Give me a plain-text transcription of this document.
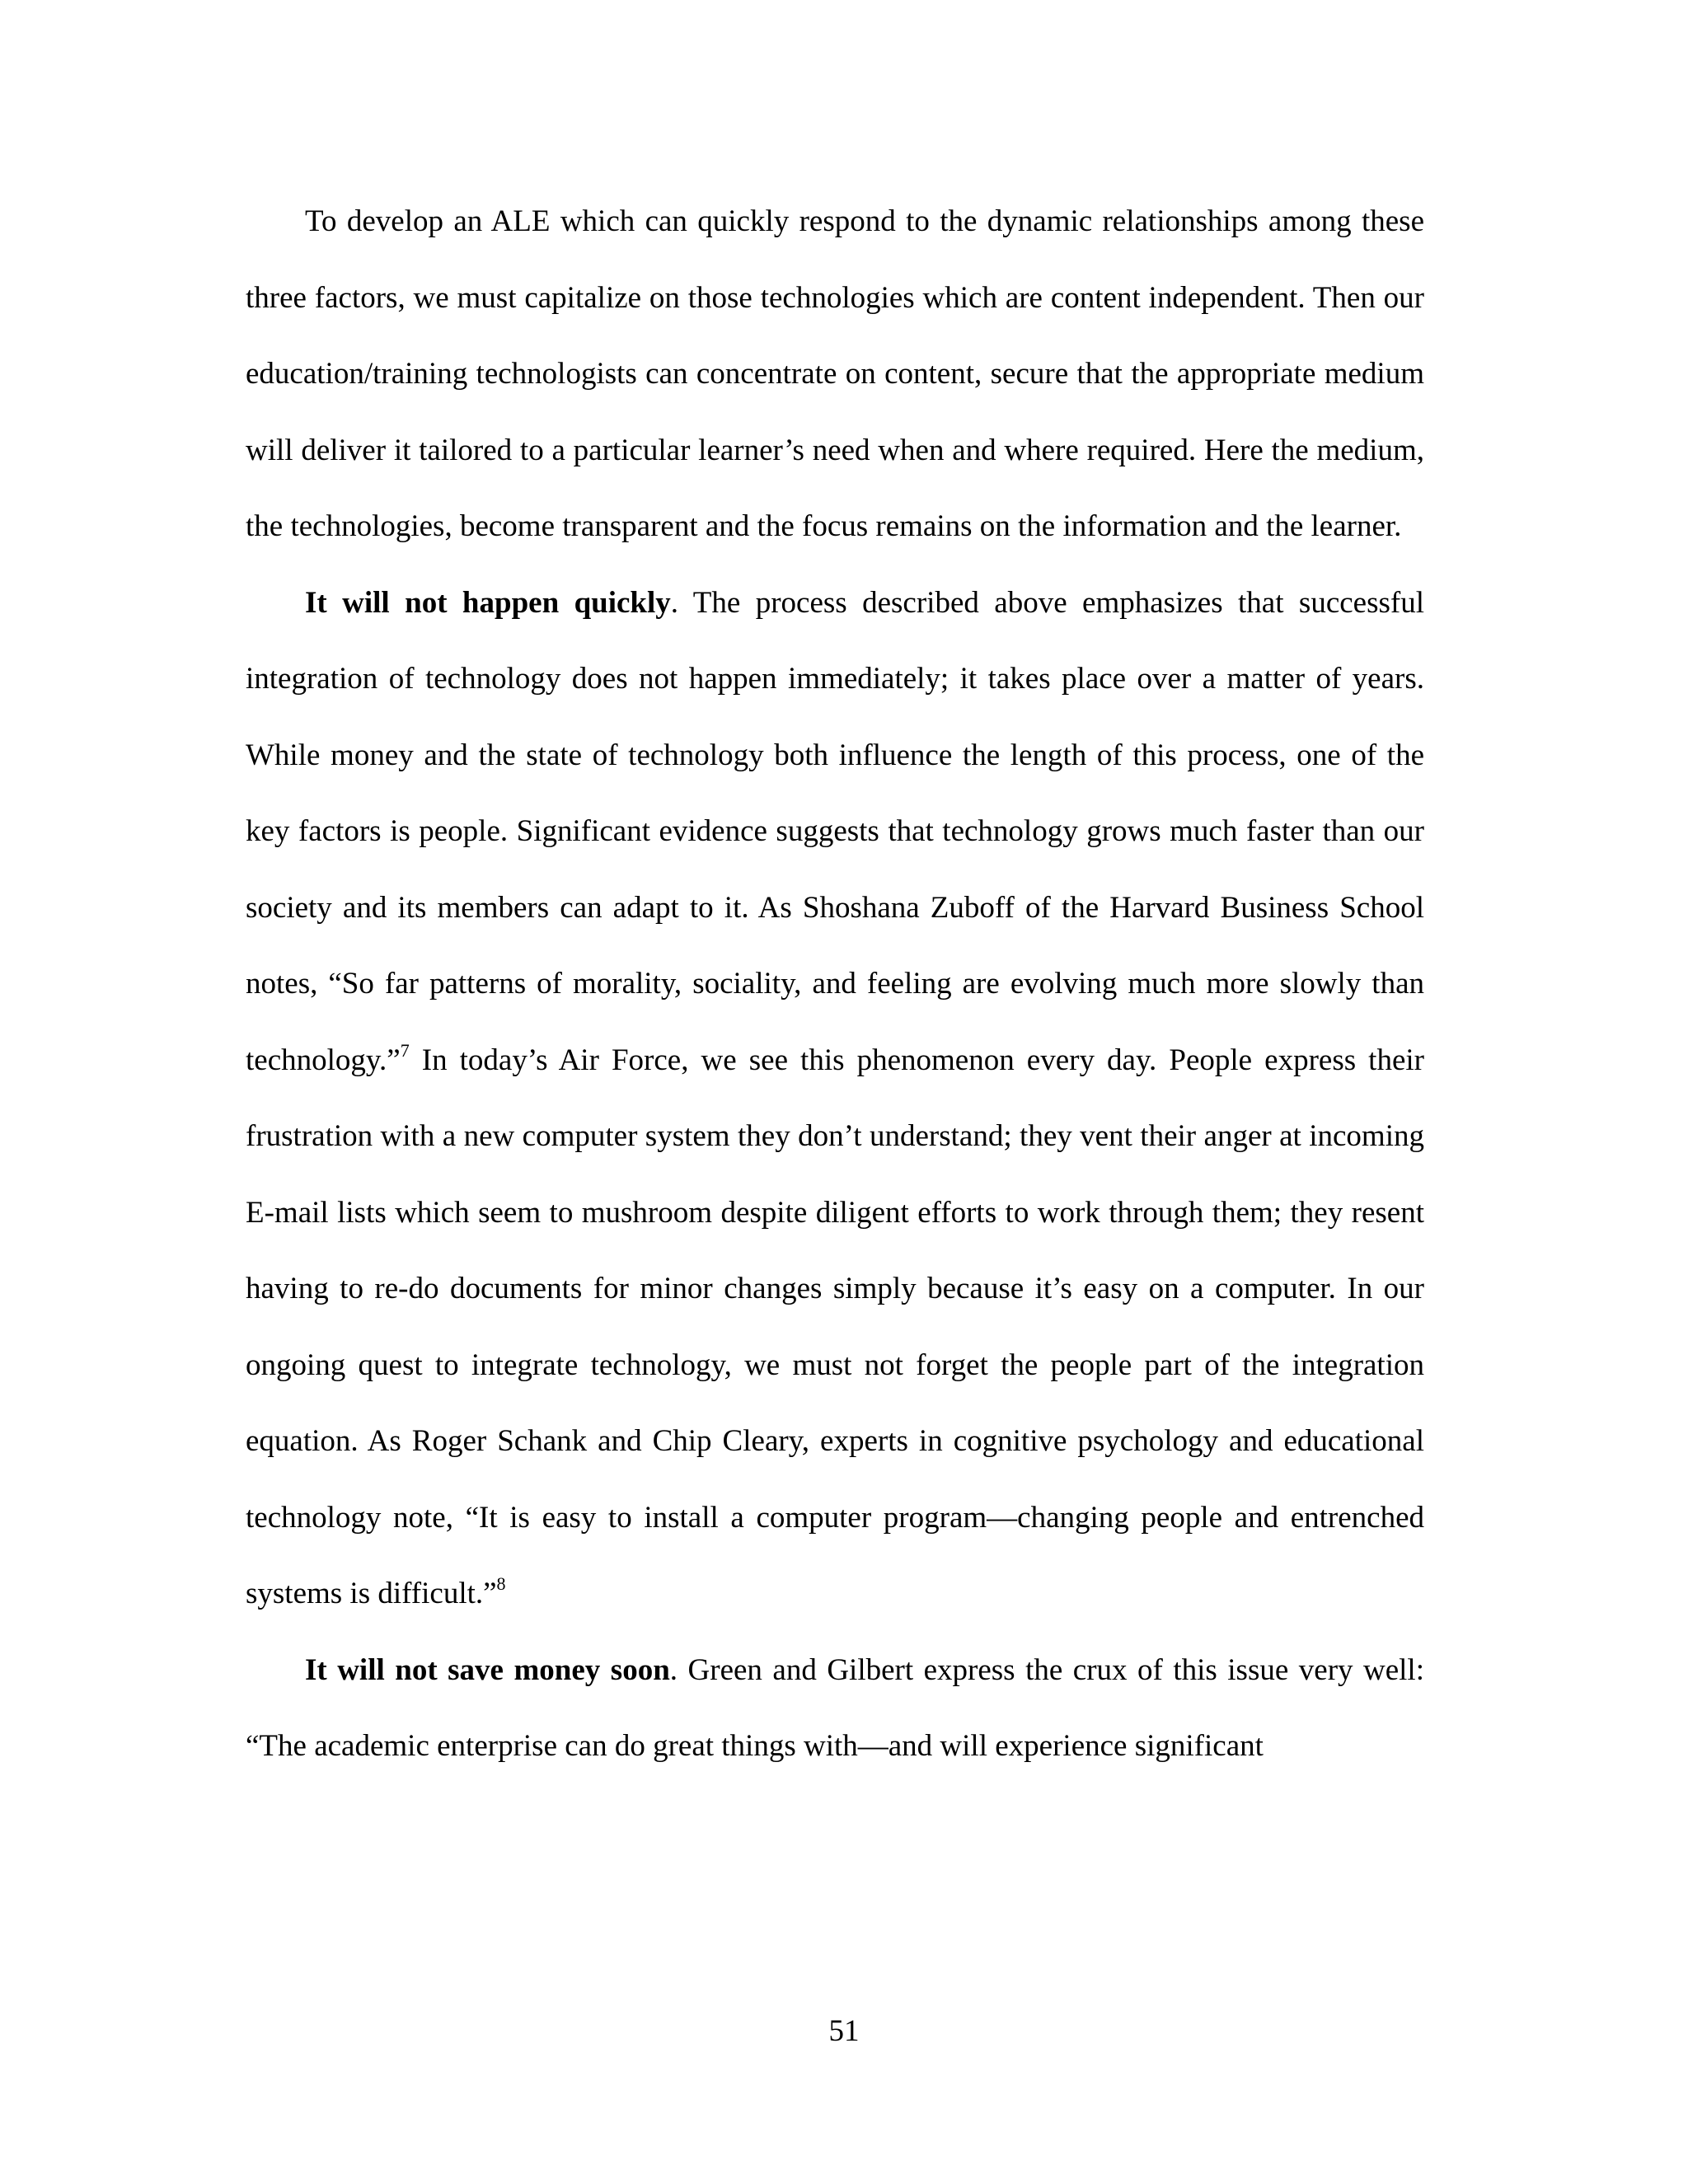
To develop an ALE which can quickly respond to the dynamic relationships among these three factors, we must capitalize on those technologies which are content independent. Then our education/training technologists can concentrate on content, secure that the appropriate medium will deliver it tailored to a particular learner’s need when and where required. Here the medium, the technologies, become transparent and the focus remains on the information and the learner.

It will not happen quickly. The process described above emphasizes that successful integration of technology does not happen immediately; it takes place over a matter of years. While money and the state of technology both influence the length of this process, one of the key factors is people. Significant evidence suggests that technology grows much faster than our society and its members can adapt to it. As Shoshana Zuboff of the Harvard Business School notes, “So far patterns of morality, sociality, and feeling are evolving much more slowly than technology.”$^7$ In today’s Air Force, we see this phenomenon every day. People express their frustration with a new computer system they don’t understand; they vent their anger at incoming E-mail lists which seem to mushroom despite diligent efforts to work through them; they resent having to re-do documents for minor changes simply because it’s easy on a computer. In our ongoing quest to integrate technology, we must not forget the people part of the integration equation. As Roger Schank and Chip Cleary, experts in cognitive psychology and educational technology note, “It is easy to install a computer program—changing people and entrenched systems is difficult.”$^8$

It will not save money soon. Green and Gilbert express the crux of this issue very well: “The academic enterprise can do great things with—and will experience significant

51
